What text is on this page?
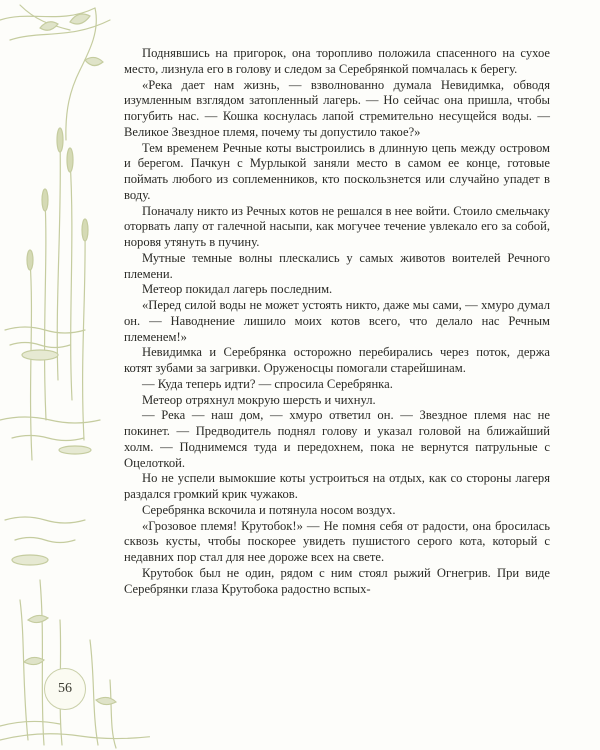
Поднявшись на пригорок, она торопливо положила спасенного на сухое место, лизнула его в голову и следом за Серебрянкой помчалась к берегу.

«Река дает нам жизнь, — взволнованно думала Невидимка, обводя изумленным взглядом затопленный лагерь. — Но сейчас она пришла, чтобы погубить нас. — Кошка коснулась лапой стремительно несущейся воды. — Великое Звездное племя, почему ты допустило такое?»

Тем временем Речные коты выстроились в длинную цепь между островом и берегом. Пачкун с Мурлыкой заняли место в самом ее конце, готовые поймать любого из соплеменников, кто поскользнется или случайно упадет в воду.

Поначалу никто из Речных котов не решался в нее войти. Стоило смельчаку оторвать лапу от галечной насыпи, как могучее течение увлекало его за собой, норовя утянуть в пучину.

Мутные темные волны плескались у самых животов воителей Речного племени.

Метеор покидал лагерь последним.

«Перед силой воды не может устоять никто, даже мы сами, — хмуро думал он. — Наводнение лишило моих котов всего, что делало нас Речным племенем!»

Невидимка и Серебрянка осторожно перебирались через поток, держа котят зубами за загривки. Оруженосцы помогали старейшинам.

— Куда теперь идти? — спросила Серебрянка.

Метеор отряхнул мокрую шерсть и чихнул.

— Река — наш дом, — хмуро ответил он. — Звездное племя нас не покинет. — Предводитель поднял голову и указал головой на ближайший холм. — Поднимемся туда и передохнем, пока не вернутся патрульные с Оцелоткой.

Но не успели вымокшие коты устроиться на отдых, как со стороны лагеря раздался громкий крик чужаков.

Серебрянка вскочила и потянула носом воздух.

«Грозовое племя! Крутобок!» — Не помня себя от радости, она бросилась сквозь кусты, чтобы поскорее увидеть пушистого серого кота, который с недавних пор стал для нее дороже всех на свете.

Крутобок был не один, рядом с ним стоял рыжий Огнегрив. При виде Серебрянки глаза Крутобока радостно вспых-

56
